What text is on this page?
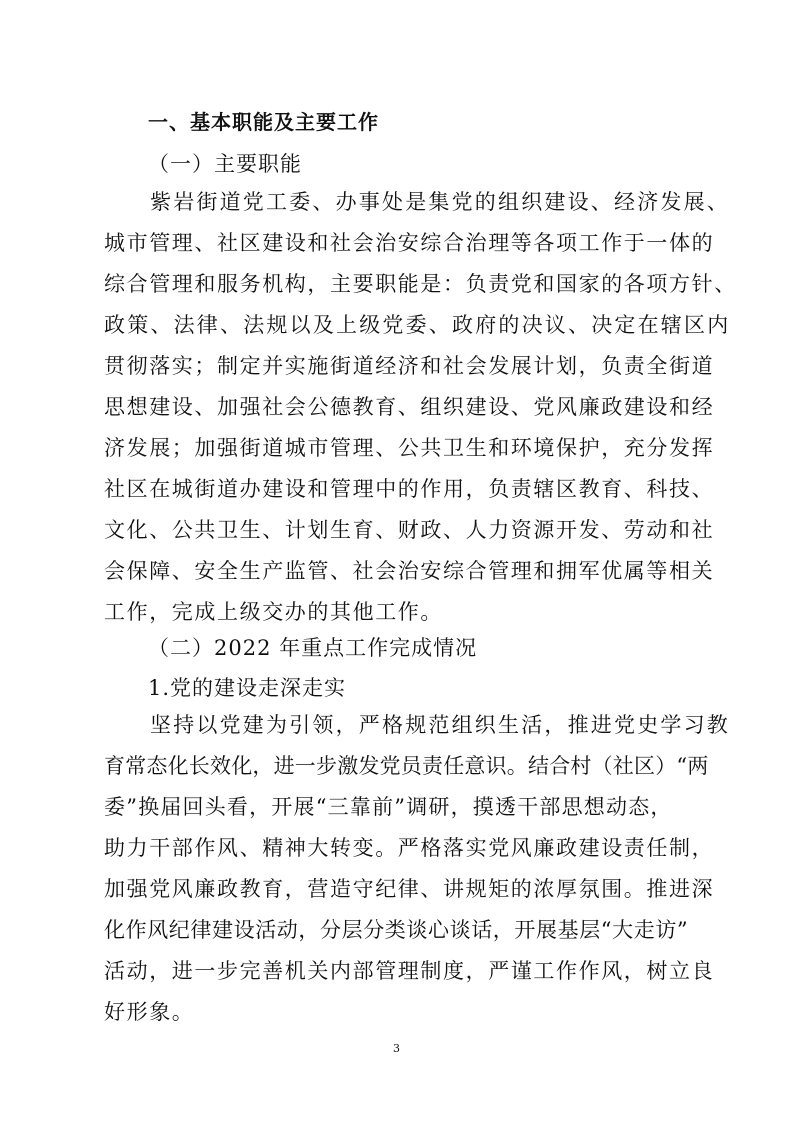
一、基本职能及主要工作
（一）主要职能
紫岩街道党工委、办事处是集党的组织建设、经济发展、
城市管理、社区建设和社会治安综合治理等各项工作于一体的
综合管理和服务机构，主要职能是：负责党和国家的各项方针、
政策、法律、法规以及上级党委、政府的决议、决定在辖区内
贯彻落实；制定并实施街道经济和社会发展计划，负责全街道
思想建设、加强社会公德教育、组织建设、党风廉政建设和经
济发展；加强街道城市管理、公共卫生和环境保护，充分发挥
社区在城街道办建设和管理中的作用，负责辖区教育、科技、
文化、公共卫生、计划生育、财政、人力资源开发、劳动和社
会保障、安全生产监管、社会治安综合管理和拥军优属等相关
工作，完成上级交办的其他工作。
（二）2022 年重点工作完成情况
1.党的建设走深走实
坚持以党建为引领，严格规范组织生活，推进党史学习教
育常态化长效化，进一步激发党员责任意识。结合村（社区）“两
委”换届回头看，开展“三靠前”调研，摸透干部思想动态，
助力干部作风、精神大转变。严格落实党风廉政建设责任制，
加强党风廉政教育，营造守纪律、讲规矩的浓厚氛围。推进深
化作风纪律建设活动，分层分类谈心谈话，开展基层“大走访”
活动，进一步完善机关内部管理制度，严谨工作作风，树立良
好形象。
3
